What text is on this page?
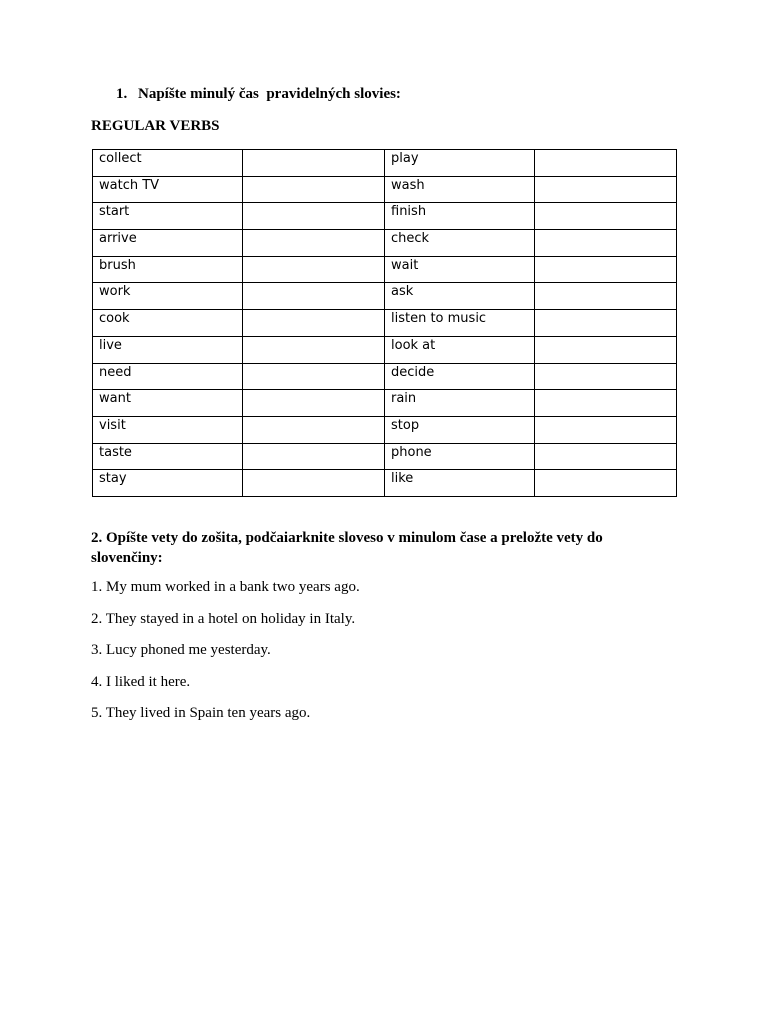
1. Napíšte minulý čas  pravidelných slovies:
REGULAR VERBS
collect		play	
watch TV		wash	
start		finish	
arrive		check	
brush		wait	
work		ask	
cook		listen to music	
live		look at	
need		decide	
want		rain	
visit		stop	
taste		phone	
stay		like	
2. Opíšte vety do zošita, podčaiarknite sloveso v minulom čase a preložte vety do slovenčiny:
1. My mum worked in a bank two years ago.
2. They stayed in a hotel on holiday in Italy.
3. Lucy phoned me yesterday.
4. I liked it here.
5. They lived in Spain ten years ago.
